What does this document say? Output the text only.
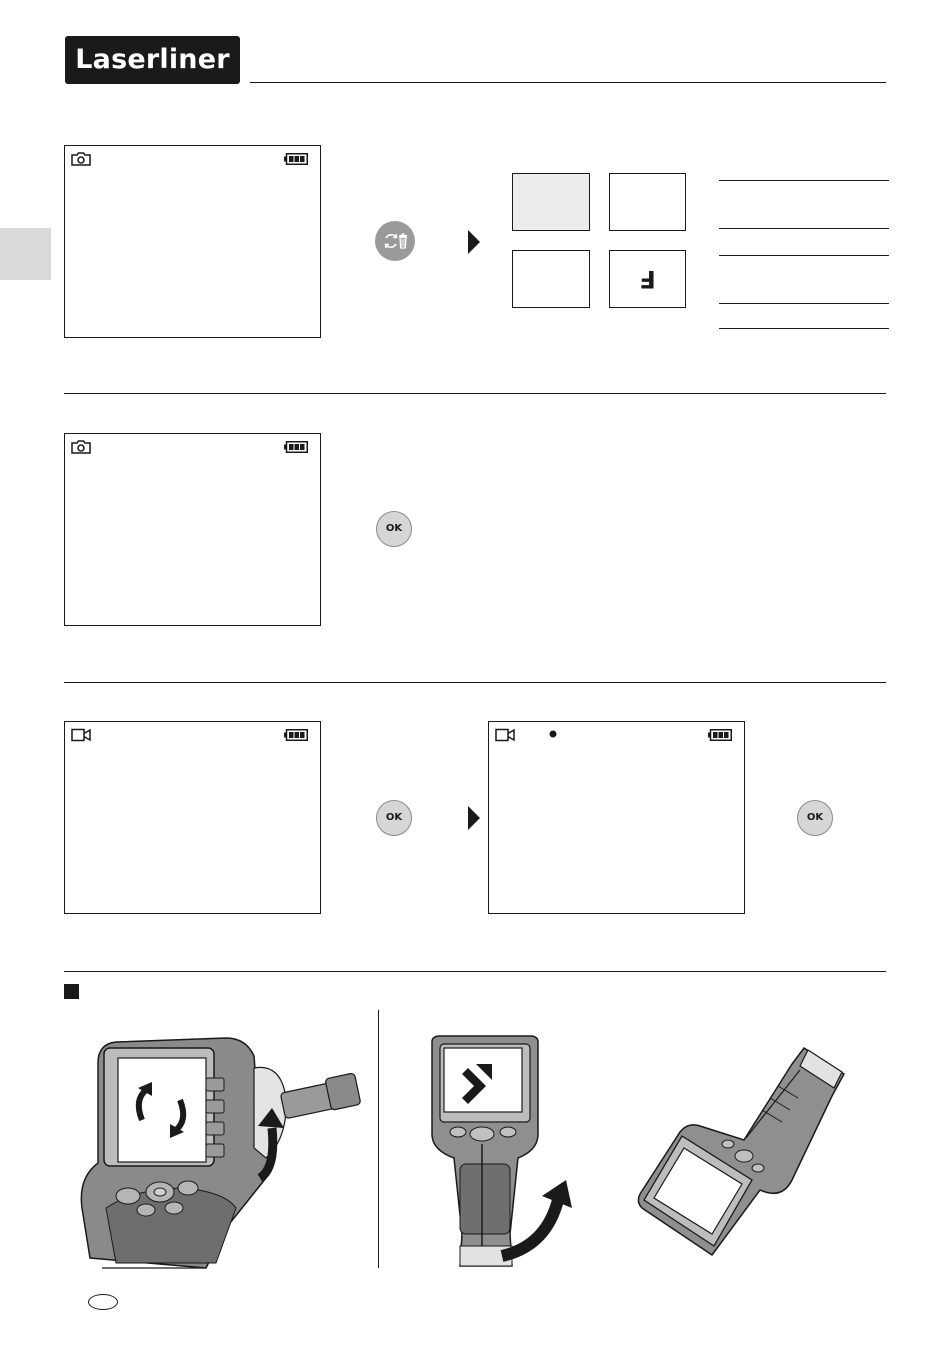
Laserliner
F
OK
OK	OK
